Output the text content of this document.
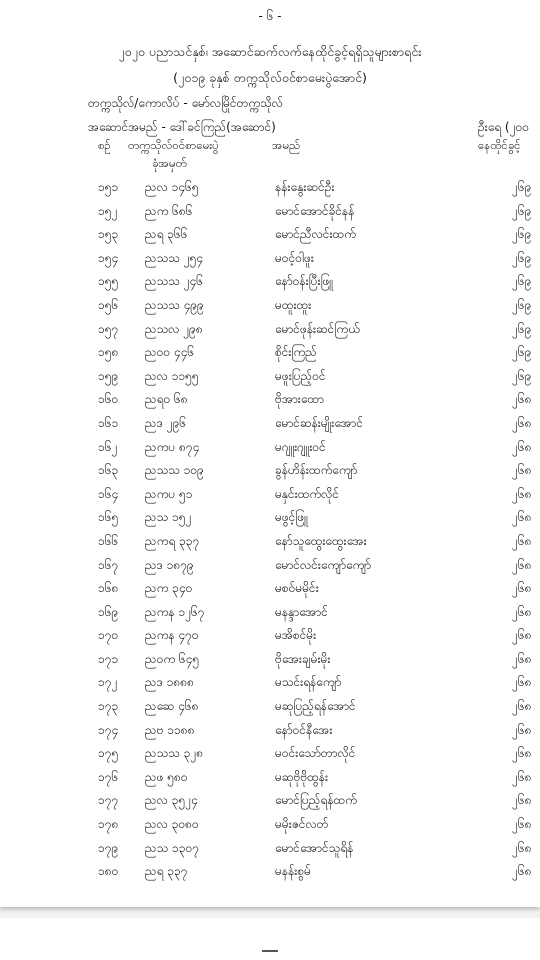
- ၆ -
၂၀၂၀ ပညာသင်နှစ်၊ အဆောင်ဆက်လက်နေထိုင်ခွင့်ရရှိသူများစာရင်း
(၂၀၁၉ ခုနှစ် တက္ကသိုလ်ဝင်စာမေးပွဲအောင်)
တက္ကသိုလ်/ကောလိပ် - မော်လမြိုင်တက္ကသိုလ်
အဆောင်အမည် - ဒေါ်ခင်ကြည်(အဆောင်)	ဦးရေ (၂၀၀
စဉ် တက္ကသိုလ်ဝင်စာမေးပွဲ
ခုံအမှတ်
အမည်	နေထိုင်ခွင့်
၁၅၁ ညလ ၁၄၆၅	နန်းနွေးဆင်ဦး	၂၆၉
၁၅၂ ညက ၆၈၆	မောင်အောင်ခိုင်နန်	၂၆၉
၁၅၃ ညရ ၃၆၆	မောင်ညီလင်းထက်	၂၆၉
၁၅၄ ညသသ ၂၅၄	မဝင့်ဝါဖူး	၂၆၉
၁၅၅ ညသသ ၂၄၆	နော်ဝန်းပြီးဖြူ	၂၆၉
၁၅၆ ညသသ ၄၉၉	မထူးထူး	၂၆၉
၁၅၇ ညသလ ၂၉၈	မောင်ဖုန်းဆင်ကြယ်	၂၆၉
၁၅၈ ညဝဝ ၄၄၆	စိုင်းကြည်	၂၆၉
၁၅၉ ညလ ၁၁၅၅	မဖူးပြည့်ဝင်	၂၆၉
၁၆၀ ညရဝ ၆၈	ဗိုအားထော	၂၆၈
၁၆၁ ညဒ ၂၉၆	မောင်ဆန်းမျိုးအောင်	၂၆၈
၁၆၂ ညကပ ၈၇၄	မဂျူးဂျူးဝင်	၂၆၈
၁၆၃ ညသသ ၁၀၉	ခွန်ဟိန်းထက်ကျော်	၂၆၈
၁၆၄ ညကပ ၅၁	မနှင်းထက်လိုင်	၂၆၈
၁၆၅ ညသ ၁၅၂	မဖွင့်ဖြူ	၂၆၈
၁၆၆ ညကရ ၃၃၇	နော်သူထွေးထွေးအေး	၂၆၈
၁၆၇ ညဒ ၁၈၇၉	မောင်လင်းကျော်ကျော်	၂၆၈
၁၆၈ ညက ၃၄၀	မစဝ်မမိုင်း	၂၆၈
၁၆၉ ညကန ၁၂၆၇	မနန္ဒာအောင်	၂၆၈
၁၇၀ ညကန ၄၇၀	မအိစင်မိုး	၂၆၈
၁၇၁ ညဝက ၆၄၅	ဗိုအေးချမ်းမိုး	၂၆၈
၁၇၂ ညဒ ၁၈၈၈	မသင်းရန်ကျော်	၂၆၈
၁၇၃ ညဆေ ၄၆၈	မဆုပြည့်ရန်အောင်	၂၆၈
၁၇၄ ညဗ ၁၁၈၈	နော်ဝင်နီအေး	၂၆၈
၁၇၅ ညသသ ၃၂၈	မဝင်းသော်တာလိုင်	၂၆၈
၁၇၆ ညဖ ၅၈၀	မဆုဗိုဗိုထွန်း	၂၆၈
၁၇၇ ညလ ၃၅၂၄	မောင်ပြည့်ရန်ထက်	၂၆၈
၁၇၈ ညလ ၃၀၈၀	မမိုးဇင်လတ်	၂၆၈
၁၇၉ ညသ ၁၃၀၇	မောင်အောင်သူရိန်	၂၆၈
၁၈၀ ညရ ၃၃၇	မနန်းစွမ်	၂၆၈
